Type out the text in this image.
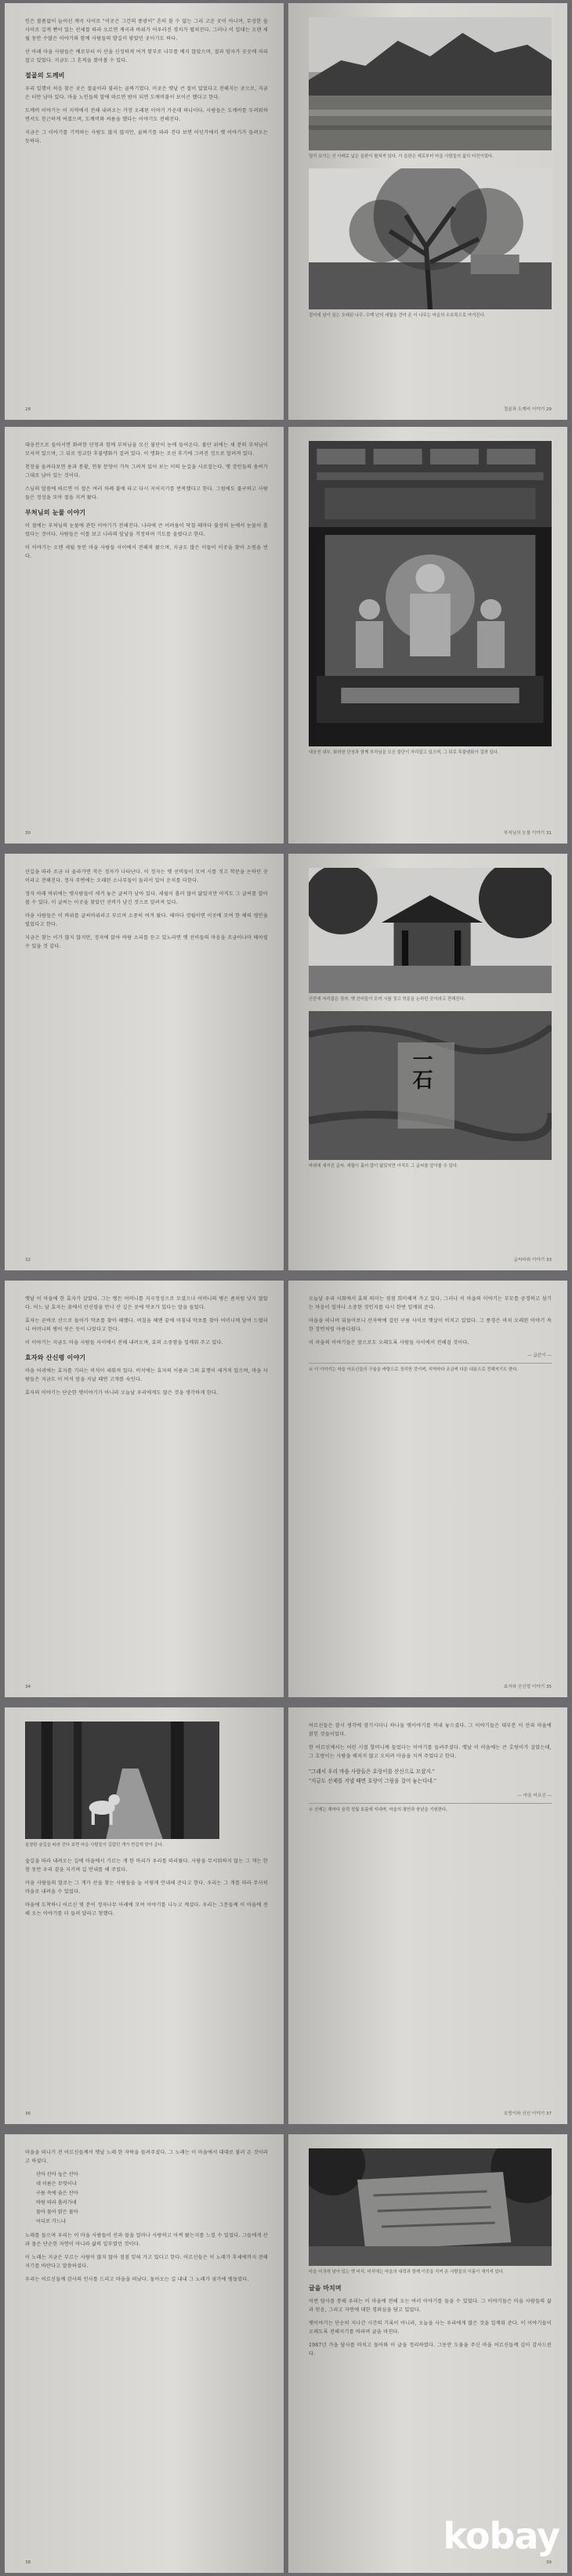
인은 볼품없이 늘어선 계곡 사이로 "이곳은 그간의 풍광이" 흔히 볼 수 없는 그리 고운 곳이 아니며, 무성한 숲 사이로 길게 뻗어 있는 산세를 따라 오르면 계곡과 바위가 어우러진 경치가 펼쳐진다. 그러나 이 일대는 오랜 세월 동안 수많은 이야기와 함께 사람들의 발길이 닿았던 곳이기도 하다.

산 아래 마을 사람들은 예로부터 이 산을 신성하게 여겨 함부로 나무를 베지 않았으며, 절과 암자가 곳곳에 자리잡고 있었다. 지금도 그 흔적을 찾아볼 수 있다.

절골의 도깨비

우리 일행이 처음 찾은 곳은 절골이라 불리는 골짜기였다. 이곳은 옛날 큰 절이 있었다고 전해지는 곳으로, 지금은 터만 남아 있다. 마을 노인들의 말에 따르면 밤이 되면 도깨비불이 보이곤 했다고 한다.

도깨비 이야기는 이 지역에서 전해 내려오는 가장 오래된 이야기 가운데 하나이다. 사람들은 도깨비를 두려워하면서도 친근하게 여겼으며, 도깨비와 씨름을 했다는 이야기도 전해진다.

지금은 그 이야기를 기억하는 사람도 많지 않지만, 골짜기를 따라 걷다 보면 어딘가에서 옛 이야기가 들려오는 듯하다.

28
멀리 보이는 산 아래로 넓은 들판이 펼쳐져 있다. 이 들판은 예로부터 마을 사람들의 삶의 터전이었다.
절터에 남아 있는 오래된 나무. 수백 년의 세월을 견뎌 온 이 나무는 마을의 수호목으로 여겨진다.
절골과 도깨비 이야기 29

대웅전으로 들어서면 화려한 단청과 함께 부처님을 모신 불단이 눈에 들어온다. 불단 위에는 세 분의 부처님이 모셔져 있으며, 그 뒤로 정교한 후불탱화가 걸려 있다. 이 탱화는 조선 후기에 그려진 것으로 알려져 있다.

천장을 올려다보면 용과 봉황, 연꽃 문양이 가득 그려져 있어 보는 이의 눈길을 사로잡는다. 옛 장인들의 솜씨가 그대로 남아 있는 것이다.

스님의 말씀에 따르면 이 절은 여러 차례 불에 타고 다시 지어지기를 반복했다고 한다. 그럼에도 불구하고 사람들은 정성을 모아 절을 지켜 왔다.

부처님의 눈물 이야기

이 절에는 부처님의 눈물에 관한 이야기가 전해진다. 나라에 큰 어려움이 닥칠 때마다 불상의 눈에서 눈물이 흘렀다는 것이다. 사람들은 이를 보고 나라의 앞날을 걱정하며 기도를 올렸다고 한다.

이 이야기는 오랜 세월 동안 마을 사람들 사이에서 전해져 왔으며, 지금도 많은 이들이 이곳을 찾아 소원을 빈다.

30
대웅전 내부. 화려한 단청과 함께 부처님을 모신 불단이 자리잡고 있으며, 그 뒤로 후불탱화가 걸려 있다.
부처님의 눈물 이야기 31

산길을 따라 조금 더 올라가면 작은 정자가 나타난다. 이 정자는 옛 선비들이 모여 시를 짓고 학문을 논하던 곳이라고 전해진다. 정자 주변에는 오래된 소나무들이 둘러서 있어 운치를 더한다.

정자 아래 바위에는 옛사람들이 새겨 놓은 글씨가 남아 있다. 세월이 흘러 많이 닳았지만 아직도 그 글씨를 알아볼 수 있다. 이 글씨는 이곳을 찾았던 선비가 남긴 것으로 알려져 있다.

마을 사람들은 이 바위를 글씨바위라고 부르며 소중히 여겨 왔다. 해마다 정월이면 이곳에 모여 한 해의 평안을 빌었다고 한다.

지금은 찾는 이가 많지 않지만, 정자에 앉아 바람 소리를 듣고 있노라면 옛 선비들의 마음을 조금이나마 헤아릴 수 있을 것 같다.

32
산중에 자리잡은 정자. 옛 선비들이 모여 시를 짓고 학문을 논하던 곳이라고 전해진다.
一石
바위에 새겨진 글씨. 세월이 흘러 많이 닳았지만 아직도 그 글씨를 알아볼 수 있다.
글씨바위 이야기 33

옛날 이 마을에 한 효자가 살았다. 그는 병든 어머니를 지극정성으로 모셨으나 어머니의 병은 좀처럼 낫지 않았다. 어느 날 효자는 꿈에서 산신령을 만나 산 깊은 곳에 약초가 있다는 말을 들었다.

효자는 곧바로 산으로 들어가 약초를 찾아 헤맸다. 며칠을 헤맨 끝에 마침내 약초를 찾아 어머니께 달여 드렸더니 어머니의 병이 씻은 듯이 나았다고 한다.

이 이야기는 지금도 마을 사람들 사이에서 전해 내려오며, 효의 소중함을 일깨워 주고 있다.

효자와 산신령 이야기

마을 어귀에는 효자를 기리는 비석이 세워져 있다. 비석에는 효자의 이름과 그의 효행이 새겨져 있으며, 마을 사람들은 지금도 이 비석 앞을 지날 때면 고개를 숙인다.

효자의 이야기는 단순한 옛이야기가 아니라 오늘날 우리에게도 많은 것을 생각하게 한다.

34

오늘날 우리 사회에서 효의 의미는 점점 희미해져 가고 있다. 그러나 이 마을의 이야기는 부모를 공경하고 섬기는 마음이 얼마나 소중한 것인지를 다시 한번 일깨워 준다.

마을을 떠나며 뒤돌아보니 산자락에 걸린 구름 사이로 햇살이 비치고 있었다. 그 풍경은 마치 오래된 이야기 속 한 장면처럼 아름다웠다.

이 마을의 이야기들은 앞으로도 오래도록 사람들 사이에서 전해질 것이다.

— 글쓴이 —
※ 이 이야기는 마을 어르신들의 구술을 바탕으로 정리한 것이며, 지역마다 조금씩 다른 내용으로 전해지기도 한다.
효자와 산신령 이야기 35
울창한 숲길을 따라 걷다 보면 마을 사람들이 길렀던 개가 반갑게 맞아 준다.

숲길을 따라 내려오는 길에 마을에서 기르는 개 한 마리가 우리를 따라왔다. 사람을 무서워하지 않는 그 개는 한참 동안 우리 곁을 지키며 길 안내를 해 주었다.

마을 사람들의 말로는 그 개가 산을 찾는 사람들을 늘 이렇게 안내해 준다고 한다. 우리는 그 개를 따라 무사히 마을로 내려올 수 있었다.

마을에 도착하니 어르신 몇 분이 정자나무 아래에 모여 이야기를 나누고 계셨다. 우리는 그분들께 이 마을에 전해 오는 이야기를 더 들려 달라고 청했다.

36

어르신들은 잠시 생각에 잠기시더니 하나둘 옛이야기를 꺼내 놓으셨다. 그 이야기들은 대부분 이 산과 마을에 얽힌 것들이었다.

한 어르신께서는 어린 시절 할머니께 들었다는 이야기를 들려주셨다. 옛날 이 마을에는 큰 호랑이가 살았는데, 그 호랑이는 사람을 해치지 않고 오히려 마을을 지켜 주었다고 한다.

"그래서 우리 마을 사람들은 호랑이를 산신으로 모셨지."
"지금도 산제를 지낼 때면 호랑이 그림을 걸어 놓는다네."
— 마을 어르신 —
※ 산제는 해마다 음력 정월 보름에 지내며, 마을의 평안과 풍년을 기원한다.
호랑이와 산신 이야기 37

마을을 떠나기 전 어르신들께서 옛날 노래 한 자락을 들려주셨다. 그 노래는 이 마을에서 대대로 불러 온 것이라고 하셨다.

산아 산아 높은 산아
네 이름은 무엇이냐
구름 속에 숨은 산아
바람 따라 흘러가네
물아 물아 맑은 물아
어디로 가느냐

노래를 들으며 우리는 이 마을 사람들이 산과 물을 얼마나 사랑하고 아껴 왔는지를 느낄 수 있었다. 그들에게 산과 물은 단순한 자연이 아니라 삶의 일부였던 것이다.

이 노래는 지금은 부르는 사람이 많지 않아 점점 잊혀 가고 있다고 한다. 어르신들은 이 노래가 후세에까지 전해지기를 바란다고 말씀하셨다.

우리는 어르신들께 감사의 인사를 드리고 마을을 떠났다. 돌아오는 길 내내 그 노래가 귓가에 맴돌았다.

38
마을 어귀에 남아 있는 옛 비석. 비석에는 마을의 내력과 함께 이곳을 지켜 온 사람들의 이름이 새겨져 있다.
글을 마치며

이번 답사를 통해 우리는 이 마을에 전해 오는 여러 이야기를 들을 수 있었다. 그 이야기들은 마을 사람들의 삶과 믿음, 그리고 자연에 대한 경외심을 담고 있었다.

옛이야기는 단순히 지나간 시간의 기록이 아니라, 오늘을 사는 우리에게 많은 것을 일깨워 준다. 이 이야기들이 오래도록 전해지기를 바라며 글을 마친다.

1987년 가을 답사를 마치고 돌아와 이 글을 정리하였다. 그동안 도움을 주신 마을 어르신들께 깊이 감사드린다.

39
kobay
